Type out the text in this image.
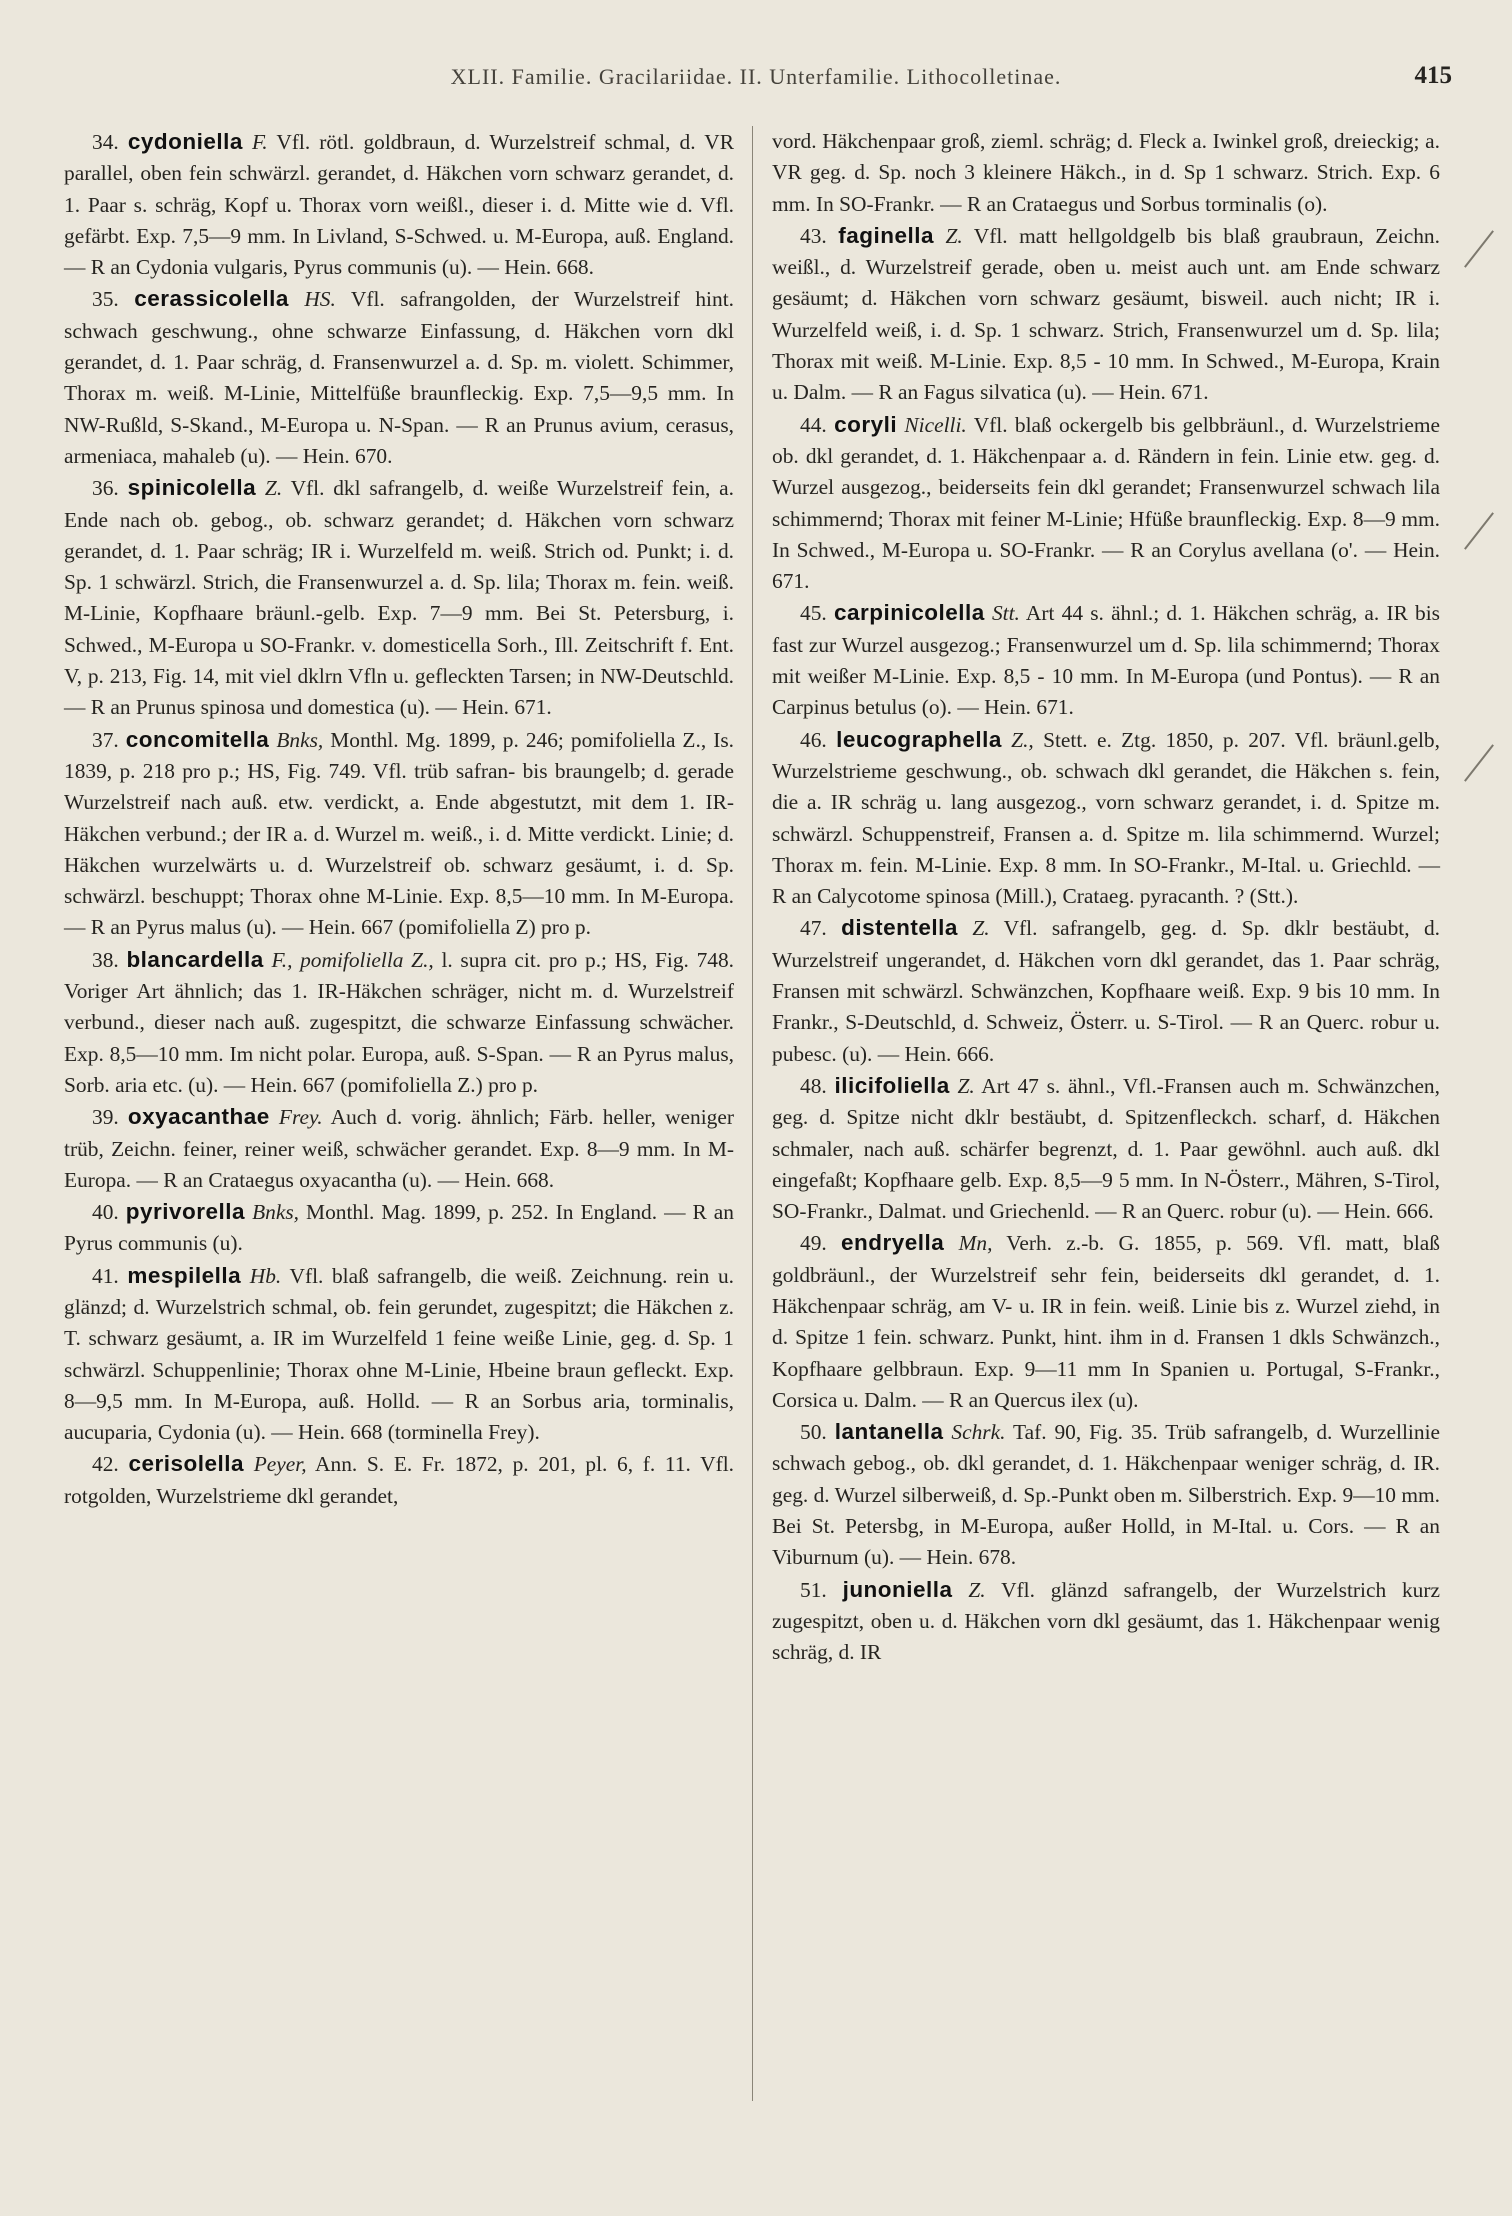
XLII. Familie. Gracilariidae. II. Unterfamilie. Lithocolletinae.	415
34. cydoniella F. Vfl. rötl. goldbraun, d. Wurzelstreif schmal, d. VR parallel, oben fein schwärzl. gerandet, d. Häkchen vorn schwarz gerandet, d. 1. Paar s. schräg, Kopf u. Thorax vorn weißl., dieser i. d. Mitte wie d. Vfl. gefärbt. Exp. 7,5—9 mm. In Livland, S-Schwed. u. M-Europa, auß. England. — R an Cydonia vulgaris, Pyrus communis (u). — Hein. 668.
35. cerassicolella HS. Vfl. safrangolden, der Wurzelstreif hint. schwach geschwung., ohne schwarze Einfassung, d. Häkchen vorn dkl gerandet, d. 1. Paar schräg, d. Fransenwurzel a. d. Sp. m. violett. Schimmer, Thorax m. weiß. M-Linie, Mittelfüße braunfleckig. Exp. 7,5—9,5 mm. In NW-Rußld, S-Skand., M-Europa u. N-Span. — R an Prunus avium, cerasus, armeniaca, mahaleb (u). — Hein. 670.
36. spinicolella Z. Vfl. dkl safrangelb, d. weiße Wurzelstreif fein, a. Ende nach ob. gebog., ob. schwarz gerandet; d. Häkchen vorn schwarz gerandet, d. 1. Paar schräg; IR i. Wurzelfeld m. weiß. Strich od. Punkt; i. d. Sp. 1 schwärzl. Strich, die Fransenwurzel a. d. Sp. lila; Thorax m. fein. weiß. M-Linie, Kopfhaare bräunl.-gelb. Exp. 7—9 mm. Bei St. Petersburg, i. Schwed., M-Europa u SO-Frankr. v. domesticella Sorh., Ill. Zeitschrift f. Ent. V, p. 213, Fig. 14, mit viel dklrn Vfln u. gefleckten Tarsen; in NW-Deutschld. — R an Prunus spinosa und domestica (u). — Hein. 671.
37. concomitella Bnks, Monthl. Mg. 1899, p. 246; pomifoliella Z., Is. 1839, p. 218 pro p.; HS, Fig. 749. Vfl. trüb safran- bis braungelb; d. gerade Wurzelstreif nach auß. etw. verdickt, a. Ende abgestutzt, mit dem 1. IR-Häkchen verbund.; der IR a. d. Wurzel m. weiß., i. d. Mitte verdickt. Linie; d. Häkchen wurzelwärts u. d. Wurzelstreif ob. schwarz gesäumt, i. d. Sp. schwärzl. beschuppt; Thorax ohne M-Linie. Exp. 8,5—10 mm. In M-Europa. — R an Pyrus malus (u). — Hein. 667 (pomifoliella Z) pro p.
38. blancardella F., pomifoliella Z., l. supra cit. pro p.; HS, Fig. 748. Voriger Art ähnlich; das 1. IR-Häkchen schräger, nicht m. d. Wurzelstreif verbund., dieser nach auß. zugespitzt, die schwarze Einfassung schwächer. Exp. 8,5—10 mm. Im nicht polar. Europa, auß. S-Span. — R an Pyrus malus, Sorb. aria etc. (u). — Hein. 667 (pomifoliella Z.) pro p.
39. oxyacanthae Frey. Auch d. vorig. ähnlich; Färb. heller, weniger trüb, Zeichn. feiner, reiner weiß, schwächer gerandet. Exp. 8—9 mm. In M-Europa. — R an Crataegus oxyacantha (u). — Hein. 668.
40. pyrivorella Bnks, Monthl. Mag. 1899, p. 252. In England. — R an Pyrus communis (u).
41. mespilella Hb. Vfl. blaß safrangelb, die weiß. Zeichnung. rein u. glänzd; d. Wurzelstrich schmal, ob. fein gerundet, zugespitzt; die Häkchen z. T. schwarz gesäumt, a. IR im Wurzelfeld 1 feine weiße Linie, geg. d. Sp. 1 schwärzl. Schuppenlinie; Thorax ohne M-Linie, Hbeine braun gefleckt. Exp. 8—9,5 mm. In M-Europa, auß. Holld. — R an Sorbus aria, torminalis, aucuparia, Cydonia (u). — Hein. 668 (torminella Frey).
42. cerisolella Peyer, Ann. S. E. Fr. 1872, p. 201, pl. 6, f. 11. Vfl. rotgolden, Wurzelstrieme dkl gerandet,
vord. Häkchenpaar groß, zieml. schräg; d. Fleck a. Iwinkel groß, dreieckig; a. VR geg. d. Sp. noch 3 kleinere Häkch., in d. Sp 1 schwarz. Strich. Exp. 6 mm. In SO-Frankr. — R an Crataegus und Sorbus torminalis (o).
43. faginella Z. Vfl. matt hellgoldgelb bis blaß graubraun, Zeichn. weißl., d. Wurzelstreif gerade, oben u. meist auch unt. am Ende schwarz gesäumt; d. Häkchen vorn schwarz gesäumt, bisweil. auch nicht; IR i. Wurzelfeld weiß, i. d. Sp. 1 schwarz. Strich, Fransenwurzel um d. Sp. lila; Thorax mit weiß. M-Linie. Exp. 8,5 - 10 mm. In Schwed., M-Europa, Krain u. Dalm. — R an Fagus silvatica (u). — Hein. 671.
44. coryli Nicelli. Vfl. blaß ockergelb bis gelbbräunl., d. Wurzelstrieme ob. dkl gerandet, d. 1. Häkchenpaar a. d. Rändern in fein. Linie etw. geg. d. Wurzel ausgezog., beiderseits fein dkl gerandet; Fransenwurzel schwach lila schimmernd; Thorax mit feiner M-Linie; Hfüße braunfleckig. Exp. 8—9 mm. In Schwed., M-Europa u. SO-Frankr. — R an Corylus avellana (o'. — Hein. 671.
45. carpinicolella Stt. Art 44 s. ähnl.; d. 1. Häkchen schräg, a. IR bis fast zur Wurzel ausgezog.; Fransenwurzel um d. Sp. lila schimmernd; Thorax mit weißer M-Linie. Exp. 8,5 - 10 mm. In M-Europa (und Pontus). — R an Carpinus betulus (o). — Hein. 671.
46. leucographella Z., Stett. e. Ztg. 1850, p. 207. Vfl. bräunl.gelb, Wurzelstrieme geschwung., ob. schwach dkl gerandet, die Häkchen s. fein, die a. IR schräg u. lang ausgezog., vorn schwarz gerandet, i. d. Spitze m. schwärzl. Schuppenstreif, Fransen a. d. Spitze m. lila schimmernd. Wurzel; Thorax m. fein. M-Linie. Exp. 8 mm. In SO-Frankr., M-Ital. u. Griechld. — R an Calycotome spinosa (Mill.), Crataeg. pyracanth. ? (Stt.).
47. distentella Z. Vfl. safrangelb, geg. d. Sp. dklr bestäubt, d. Wurzelstreif ungerandet, d. Häkchen vorn dkl gerandet, das 1. Paar schräg, Fransen mit schwärzl. Schwänzchen, Kopfhaare weiß. Exp. 9 bis 10 mm. In Frankr., S-Deutschld, d. Schweiz, Österr. u. S-Tirol. — R an Querc. robur u. pubesc. (u). — Hein. 666.
48. ilicifoliella Z. Art 47 s. ähnl., Vfl.-Fransen auch m. Schwänzchen, geg. d. Spitze nicht dklr bestäubt, d. Spitzenfleckch. scharf, d. Häkchen schmaler, nach auß. schärfer begrenzt, d. 1. Paar gewöhnl. auch auß. dkl eingefaßt; Kopfhaare gelb. Exp. 8,5—9 5 mm. In N-Österr., Mähren, S-Tirol, SO-Frankr., Dalmat. und Griechenld. — R an Querc. robur (u). — Hein. 666.
49. endryella Mn, Verh. z.-b. G. 1855, p. 569. Vfl. matt, blaß goldbräunl., der Wurzelstreif sehr fein, beiderseits dkl gerandet, d. 1. Häkchenpaar schräg, am V- u. IR in fein. weiß. Linie bis z. Wurzel ziehd, in d. Spitze 1 fein. schwarz. Punkt, hint. ihm in d. Fransen 1 dkls Schwänzch., Kopfhaare gelbbraun. Exp. 9—11 mm In Spanien u. Portugal, S-Frankr., Corsica u. Dalm. — R an Quercus ilex (u).
50. lantanella Schrk. Taf. 90, Fig. 35. Trüb safrangelb, d. Wurzellinie schwach gebog., ob. dkl gerandet, d. 1. Häkchenpaar weniger schräg, d. IR. geg. d. Wurzel silberweiß, d. Sp.-Punkt oben m. Silberstrich. Exp. 9—10 mm. Bei St. Petersbg, in M-Europa, außer Holld, in M-Ital. u. Cors. — R an Viburnum (u). — Hein. 678.
51. junoniella Z. Vfl. glänzd safrangelb, der Wurzelstrich kurz zugespitzt, oben u. d. Häkchen vorn dkl gesäumt, das 1. Häkchenpaar wenig schräg, d. IR
